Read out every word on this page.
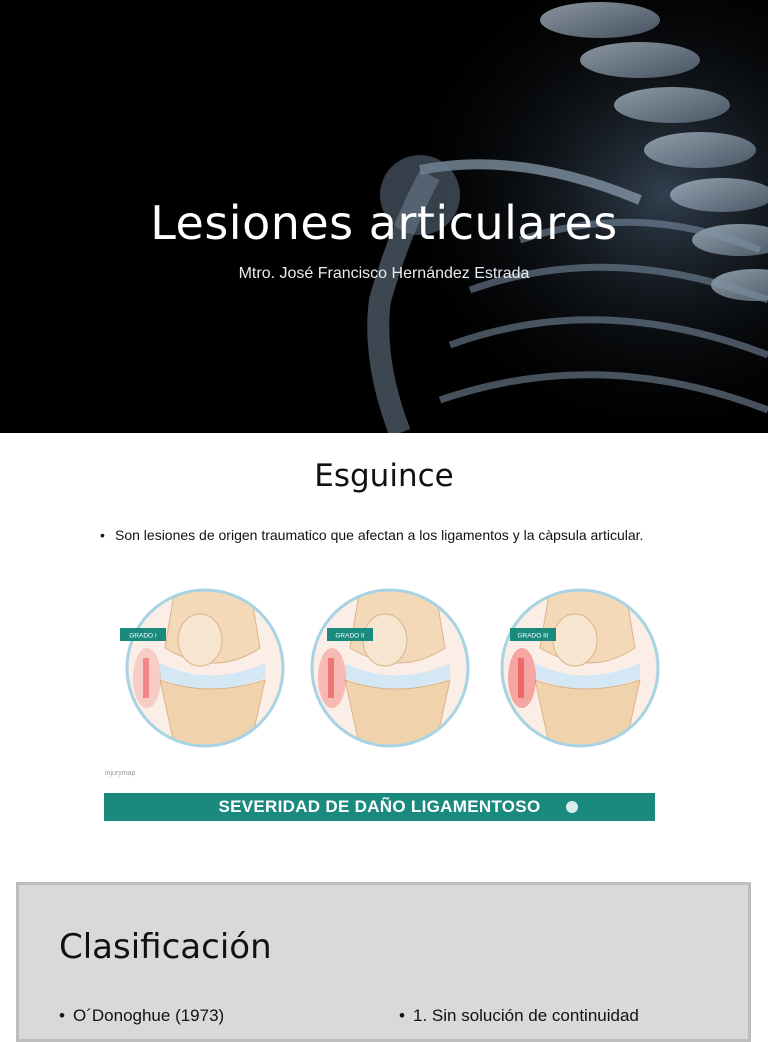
Lesiones articulares
Mtro. José Francisco Hernández Estrada
Esguince
• Son lesiones de origen traumatico que afectan a los ligamentos y la càpsula articular.
GRADO I	GRADO II	GRADO III
injurymap
SEVERIDAD DE DAÑO LIGAMENTOSO
Clasificación
• O´Donoghue (1973)	• 1. Sin solución de continuidad
